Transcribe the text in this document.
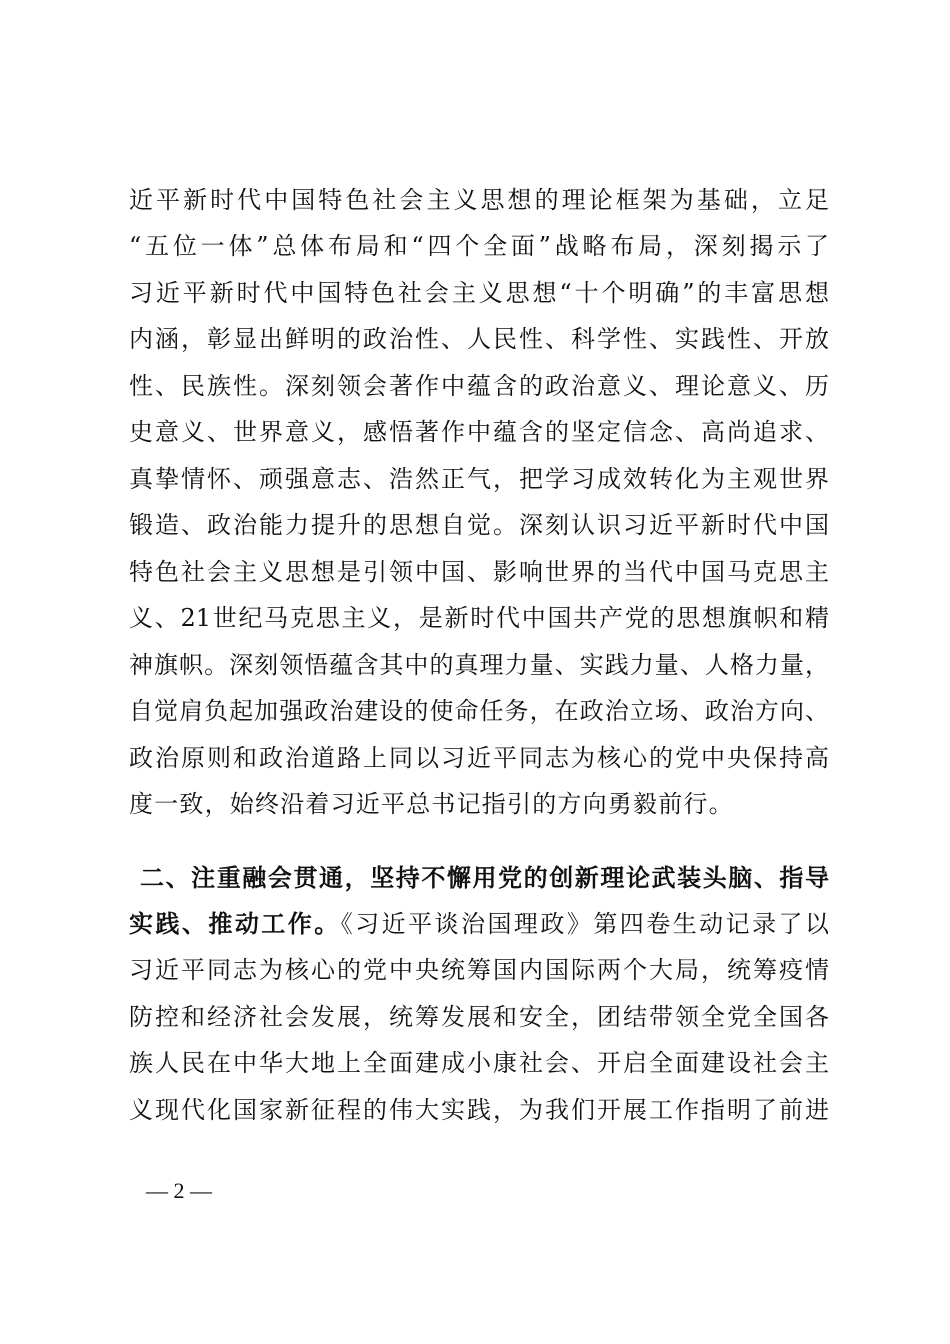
近平新时代中国特色社会主义思想的理论框架为基础，立足
“五位一体”总体布局和“四个全面”战略布局，深刻揭示了
习近平新时代中国特色社会主义思想“十个明确”的丰富思想
内涵，彰显出鲜明的政治性、人民性、科学性、实践性、开放
性、民族性。深刻领会著作中蕴含的政治意义、理论意义、历
史意义、世界意义，感悟著作中蕴含的坚定信念、高尚追求、
真挚情怀、顽强意志、浩然正气，把学习成效转化为主观世界
锻造、政治能力提升的思想自觉。深刻认识习近平新时代中国
特色社会主义思想是引领中国、影响世界的当代中国马克思主
义、21世纪马克思主义，是新时代中国共产党的思想旗帜和精
神旗帜。深刻领悟蕴含其中的真理力量、实践力量、人格力量，
自觉肩负起加强政治建设的使命任务，在政治立场、政治方向、
政治原则和政治道路上同以习近平同志为核心的党中央保持高
度一致，始终沿着习近平总书记指引的方向勇毅前行。
二、注重融会贯通，坚持不懈用党的创新理论武装头脑、指导
实践、推动工作。《习近平谈治国理政》第四卷生动记录了以
习近平同志为核心的党中央统筹国内国际两个大局，统筹疫情
防控和经济社会发展，统筹发展和安全，团结带领全党全国各
族人民在中华大地上全面建成小康社会、开启全面建设社会主
义现代化国家新征程的伟大实践，为我们开展工作指明了前进
— 2 —
